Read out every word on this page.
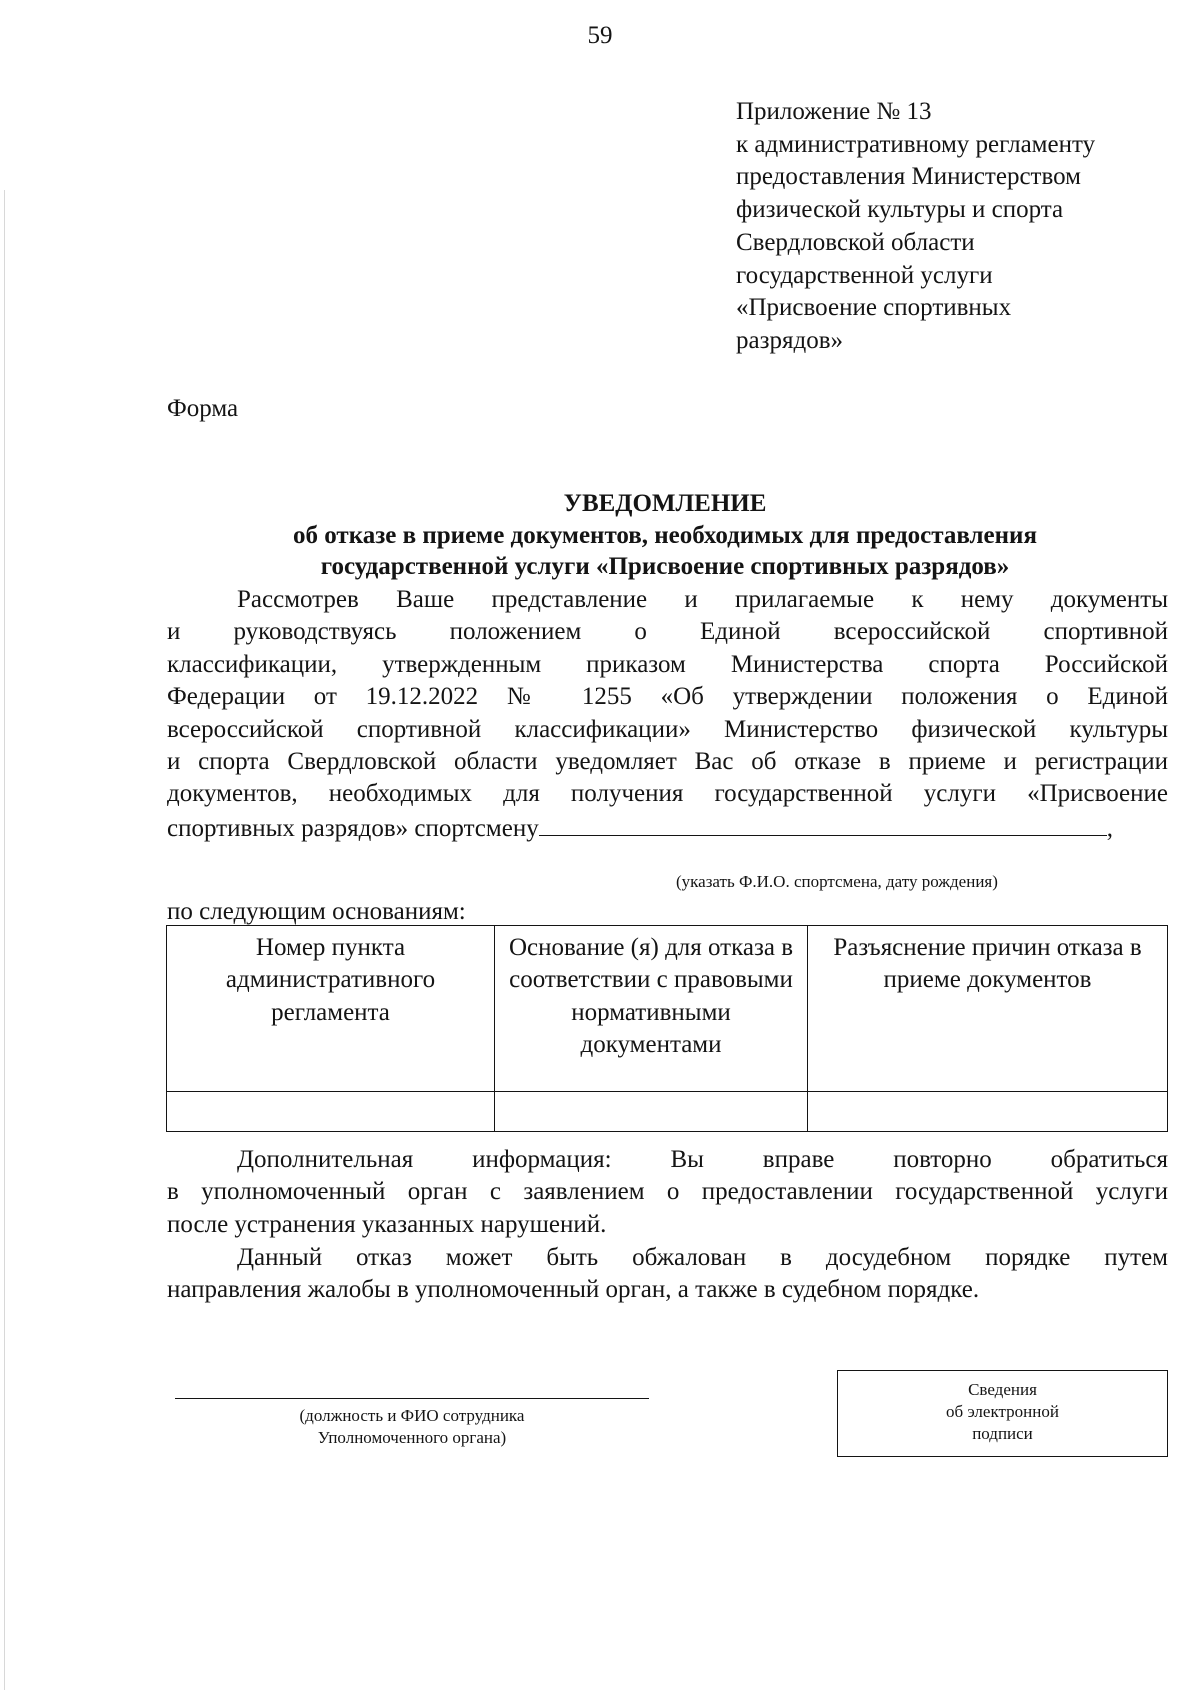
59
Приложение № 13
к административному регламенту
предоставления Министерством
физической культуры и спорта
Свердловской области
государственной услуги
«Присвоение спортивных
разрядов»
Форма
УВЕДОМЛЕНИЕ
об отказе в приеме документов, необходимых для предоставления
государственной услуги «Присвоение спортивных разрядов»
Рассмотрев Ваше представление и прилагаемые к нему документы
и руководствуясь положением о Единой всероссийской спортивной
классификации, утвержденным приказом Министерства спорта Российской
Федерации от 19.12.2022 № 1255 «Об утверждении положения о Единой
всероссийской спортивной классификации» Министерство физической культуры
и спорта Свердловской области уведомляет Вас об отказе в приеме и регистрации
документов, необходимых для получения государственной услуги «Присвоение
спортивных разрядов» спортсмену	,
(указать Ф.И.О. спортсмена, дату рождения)
по следующим основаниям:
Номер пункта административного регламента	Основание (я) для отказа в соответствии с правовыми нормативными документами	Разъяснение причин отказа в приеме документов

Дополнительная информация: Вы вправе повторно обратиться
в уполномоченный орган с заявлением о предоставлении государственной услуги
после устранения указанных нарушений.
Данный отказ может быть обжалован в досудебном порядке путем
направления жалобы в уполномоченный орган, а также в судебном порядке.
(должность и ФИО сотрудника
Уполномоченного органа)
Сведения
об электронной
подписи
